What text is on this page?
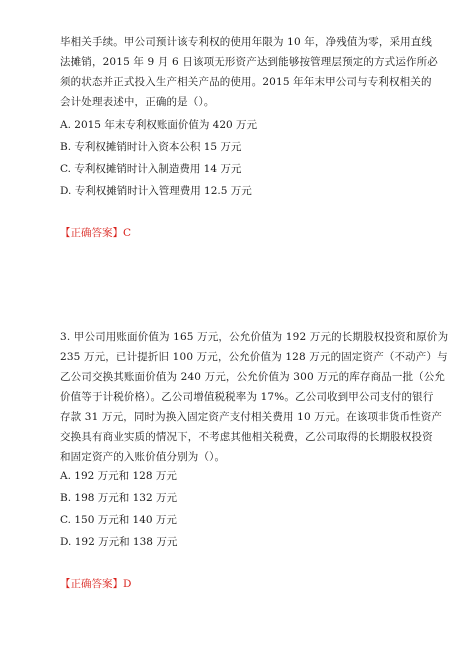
毕相关手续。甲公司预计该专利权的使用年限为 10 年，净残值为零，采用直线
法摊销，2015 年 9 月 6 日该项无形资产达到能够按管理层预定的方式运作所必
须的状态并正式投入生产相关产品的使用。2015 年年末甲公司与专利权相关的
会计处理表述中，正确的是（）。
A. 2015 年末专利权账面价值为 420 万元
B. 专利权摊销时计入资本公积 15 万元
C. 专利权摊销时计入制造费用 14 万元
D. 专利权摊销时计入管理费用 12.5 万元
【正确答案】C
3. 甲公司用账面价值为 165 万元，公允价值为 192 万元的长期股权投资和原价为
235 万元，已计提折旧 100 万元，公允价值为 128 万元的固定资产（不动产）与
乙公司交换其账面价值为 240 万元，公允价值为 300 万元的库存商品一批（公允
价值等于计税价格）。乙公司增值税税率为 17%。乙公司收到甲公司支付的银行
存款 31 万元，同时为换入固定资产支付相关费用 10 万元。在该项非货币性资产
交换具有商业实质的情况下，不考虑其他相关税费，乙公司取得的长期股权投资
和固定资产的入账价值分别为（）。
A. 192 万元和 128 万元
B. 198 万元和 132 万元
C. 150 万元和 140 万元
D. 192 万元和 138 万元
【正确答案】D
